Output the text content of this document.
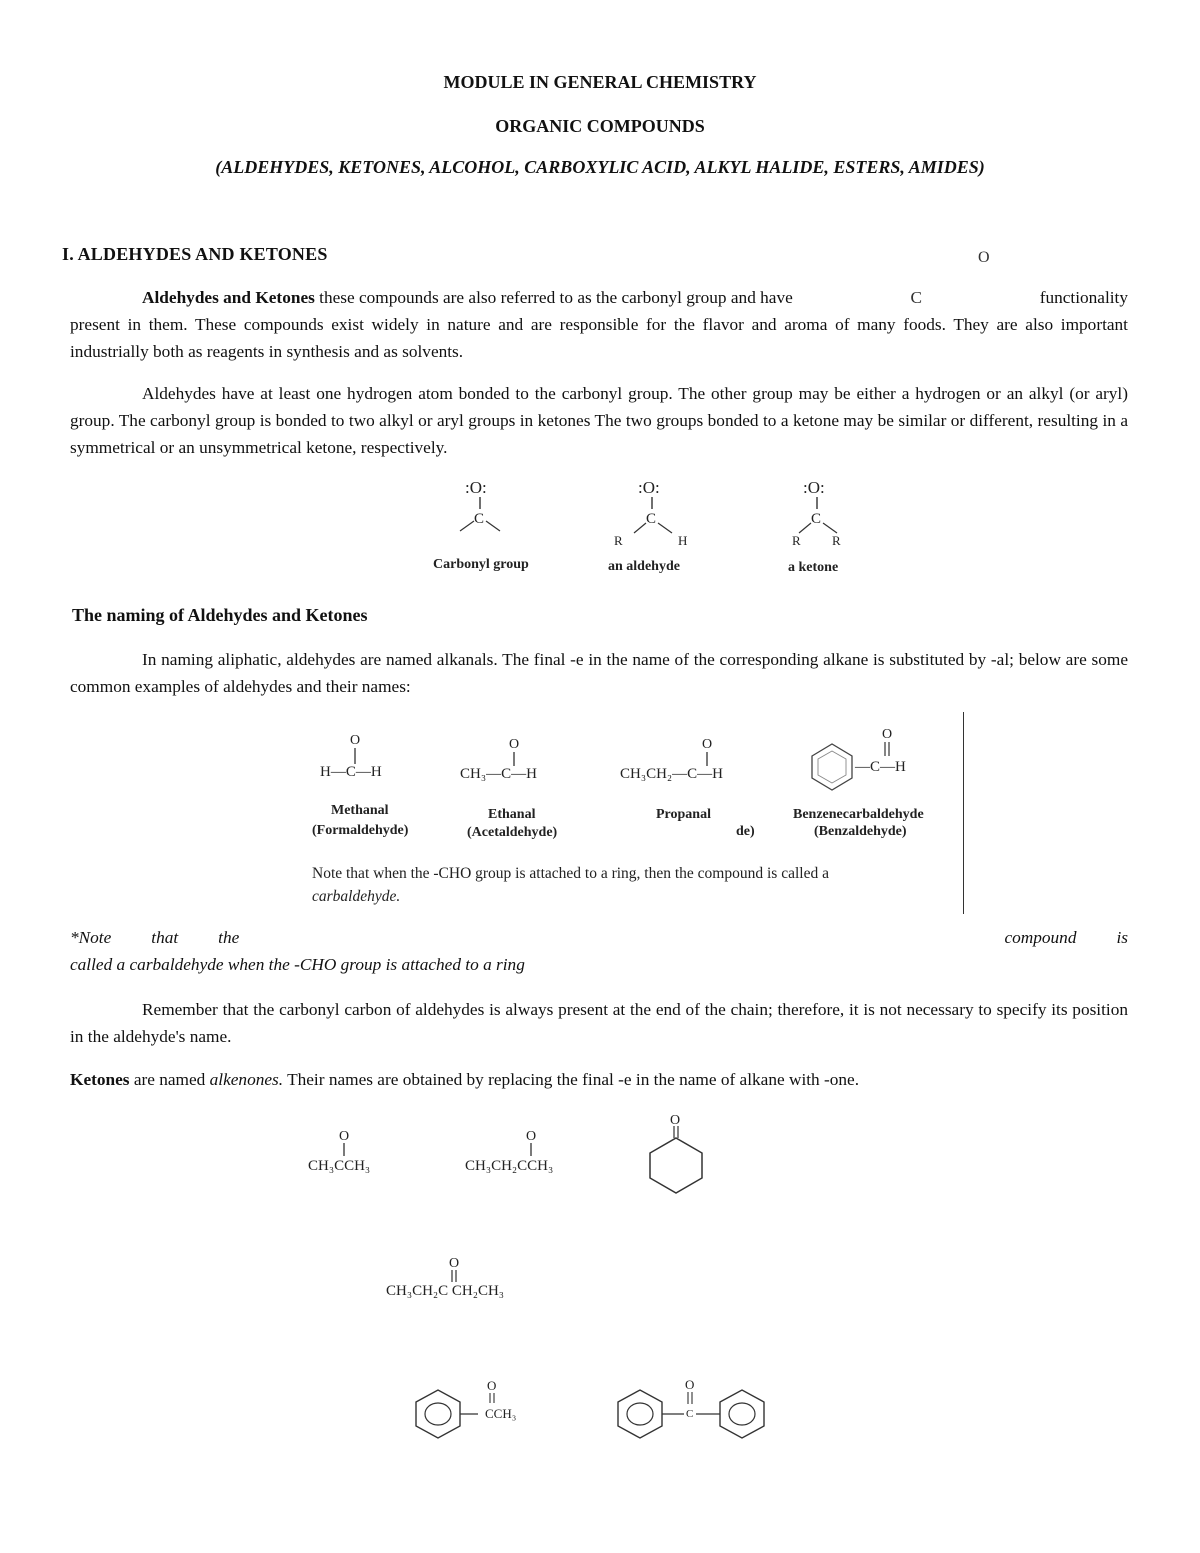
MODULE IN GENERAL CHEMISTRY
ORGANIC COMPOUNDS
(ALDEHYDES, KETONES, ALCOHOL, CARBOXYLIC ACID, ALKYL HALIDE, ESTERS, AMIDES)
I. ALDEHYDES AND KETONES	O
Aldehydes and Ketones these compounds are also referred to as the carbonyl group and have	C	functionality
present in them. These compounds exist widely in nature and are responsible for the flavor and aroma of many foods. They are also important industrially both as reagents in synthesis and as solvents.
Aldehydes have at least one hydrogen atom bonded to the carbonyl group. The other group may be either a hydrogen or an alkyl (or aryl) group. The carbonyl group is bonded to two alkyl or aryl groups in ketones The two groups bonded to a ketone may be similar or different, resulting in a symmetrical or an unsymmetrical ketone, respectively.
:O:
C
Carbonyl group
:O:
C
R	H
an aldehyde
:O:
C
R R
a ketone
The naming of Aldehydes and Ketones
In naming aliphatic, aldehydes are named alkanals. The final -e in the name of the corresponding alkane is substituted by -al; below are some common examples of aldehydes and their names:
O
H—C—H
O
CH₃—C—H
O
CH₃CH₂—C—H
O
—C—H
Methanal
(Formaldehyde)
Ethanal
(Acetaldehyde)
Propanal
de)
Benzenecarbaldehyde
(Benzaldehyde)
Note that when the -CHO group is attached to a ring, then the compound is called a
carbaldehyde.
*Note that the	compound is
called a carbaldehyde when the -CHO group is attached to a ring
Remember that the carbonyl carbon of aldehydes is always present at the end of the chain; therefore, it is not necessary to specify its position in the aldehyde's name.
Ketones are named alkenones. Their names are obtained by replacing the final -e in the name of alkane with -one.
O
CH₃CCH₃
O
CH₃CH₂CCH₃
O
O
CH₃CH₂C CH₂CH₃
O
CCH₃
O
C
